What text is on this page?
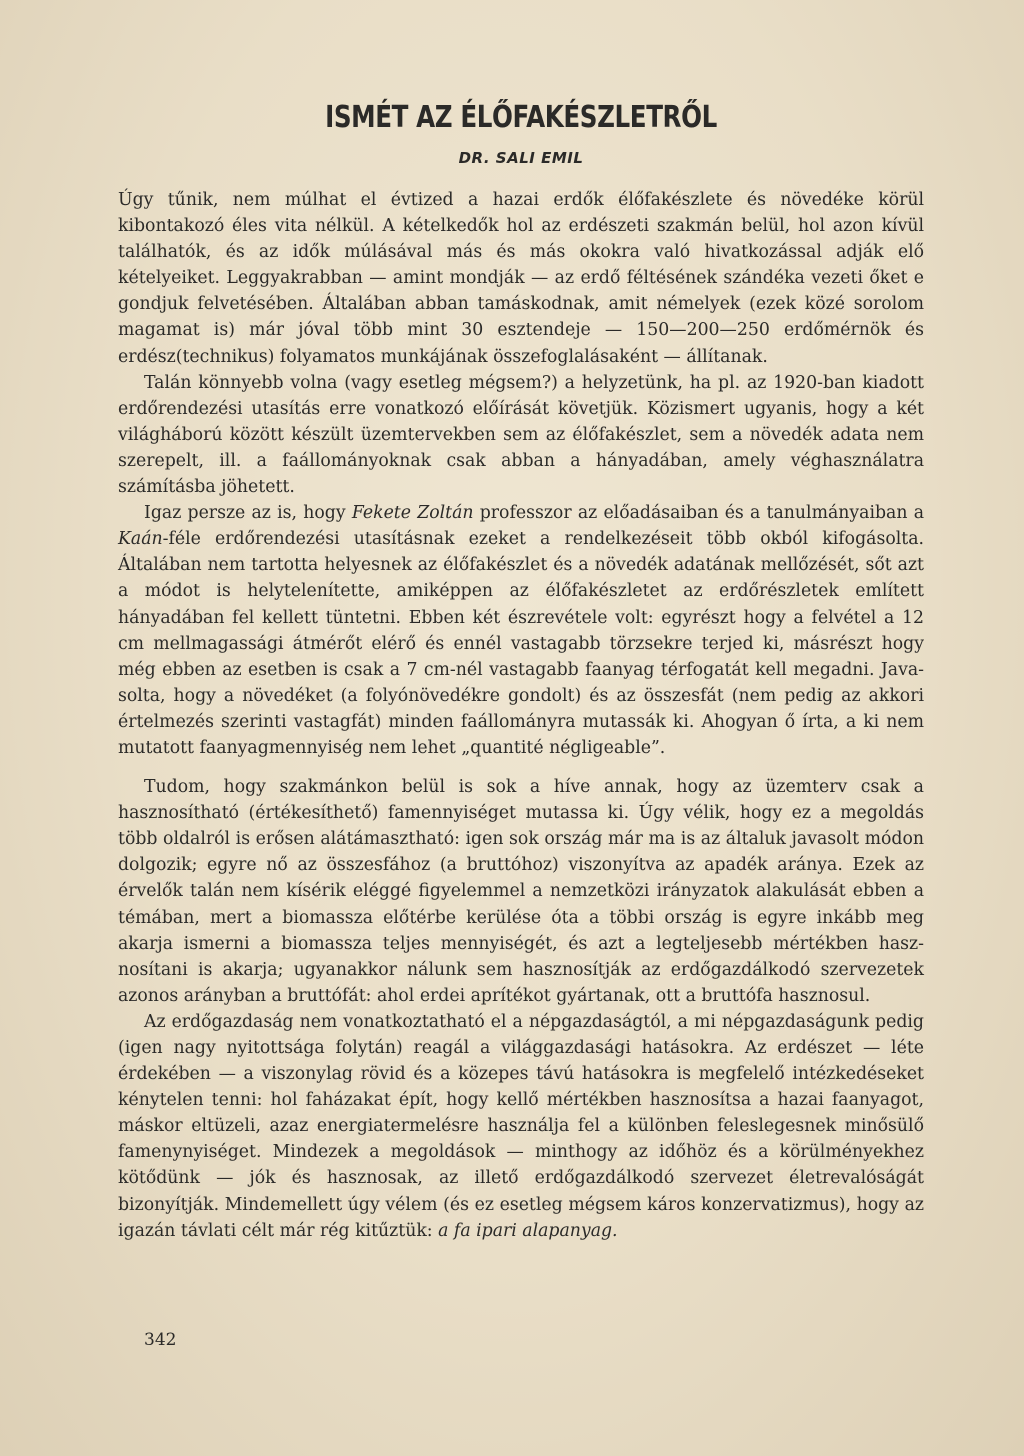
ISMÉT AZ ÉLŐFAKÉSZLETRŐL
DR. SALI EMIL

Úgy tűnik, nem múlhat el évtized a hazai erdők élőfakészlete és növedéke körül kibontakozó éles vita nélkül. A kételkedők hol az erdészeti szakmán belül, hol azon kívül találhatók, és az idők múlásával más és más okokra való hivatkozással adják elő kételyeiket. Leggyakrabban — amint mondják — az erdő féltésének szándéka vezeti őket e gondjuk felvetésében. Általában abban tamáskodnak, amit némelyek (ezek közé sorolom magamat is) már jóval több mint 30 esztendeje — 150—200—250 erdőmérnök és erdész(technikus) folyamatos munkájának összefoglalásaként — állítanak.

Talán könnyebb volna (vagy esetleg mégsem?) a helyzetünk, ha pl. az 1920-ban kiadott erdőrendezési utasítás erre vonatkozó előírását követjük. Közismert ugyanis, hogy a két világháború között készült üzemtervekben sem az élőfakészlet, sem a növedék adata nem szerepelt, ill. a faállományoknak csak abban a hányadában, amely véghasználatra számításba jöhetett.

Igaz persze az is, hogy Fekete Zoltán professzor az előadásaiban és a tanulmányaiban a Kaán-féle erdőrendezési utasításnak ezeket a rendelkezéseit több okból kifogásolta. Általában nem tartotta helyesnek az élőfakészlet és a növedék adatának mellőzését, sőt azt a módot is helytelenítette, amiképpen az élőfakészletet az erdőrészletek említett hányadában fel kellett tüntetni. Ebben két észrevétele volt: egyrészt hogy a felvétel a 12 cm mellmagassági átmérőt elérő és ennél vastagabb törzsekre terjed ki, másrészt hogy még ebben az esetben is csak a 7 cm-nél vastagabb faanyag térfogatát kell megadni. Javasolta, hogy a növedéket (a folyónövedékre gondolt) és az összesfát (nem pedig az akkori értelmezés szerinti vastagfát) minden faállományra mutassák ki. Ahogyan ő írta, a ki nem mutatott faanyagmennyiség nem lehet „quantité négligeable”.

Tudom, hogy szakmánkon belül is sok a híve annak, hogy az üzemterv csak a hasznosítható (értékesíthető) famennyiséget mutassa ki. Úgy vélik, hogy ez a megoldás több oldalról is erősen alátámasztható: igen sok ország már ma is az általuk javasolt módon dolgozik; egyre nő az összesfához (a bruttóhoz) viszonyítva az apadék aránya. Ezek az érvelők talán nem kísérik eléggé figyelemmel a nemzetközi irányzatok alakulását ebben a témában, mert a biomassza előtérbe kerülése óta a többi ország is egyre inkább meg akarja ismerni a biomassza teljes mennyiségét, és azt a legteljesebb mértékben hasznosítani is akarja; ugyanakkor nálunk sem hasznosítják az erdőgazdálkodó szervezetek azonos arányban a bruttófát: ahol erdei aprítékot gyártanak, ott a bruttófa hasznosul.

Az erdőgazdaság nem vonatkoztatható el a népgazdaságtól, a mi népgazdaságunk pedig (igen nagy nyitottsága folytán) reagál a világgazdasági hatásokra. Az erdészet — léte érdekében — a viszonylag rövid és a közepes távú hatásokra is megfelelő intézkedéseket kénytelen tenni: hol faházakat épít, hogy kellő mértékben hasznosítsa a hazai faanyagot, máskor eltüzeli, azaz energiatermelésre használja fel a különben feleslegesnek minősülő famenynyiséget. Mindezek a megoldások — minthogy az időhöz és a körülményekhez kötődünk — jók és hasznosak, az illető erdőgazdálkodó szervezet életrevalóságát bizonyítják. Mindemellett úgy vélem (és ez esetleg mégsem káros konzervatizmus), hogy az igazán távlati célt már rég kitűztük: a fa ipari alapanyag.

342
